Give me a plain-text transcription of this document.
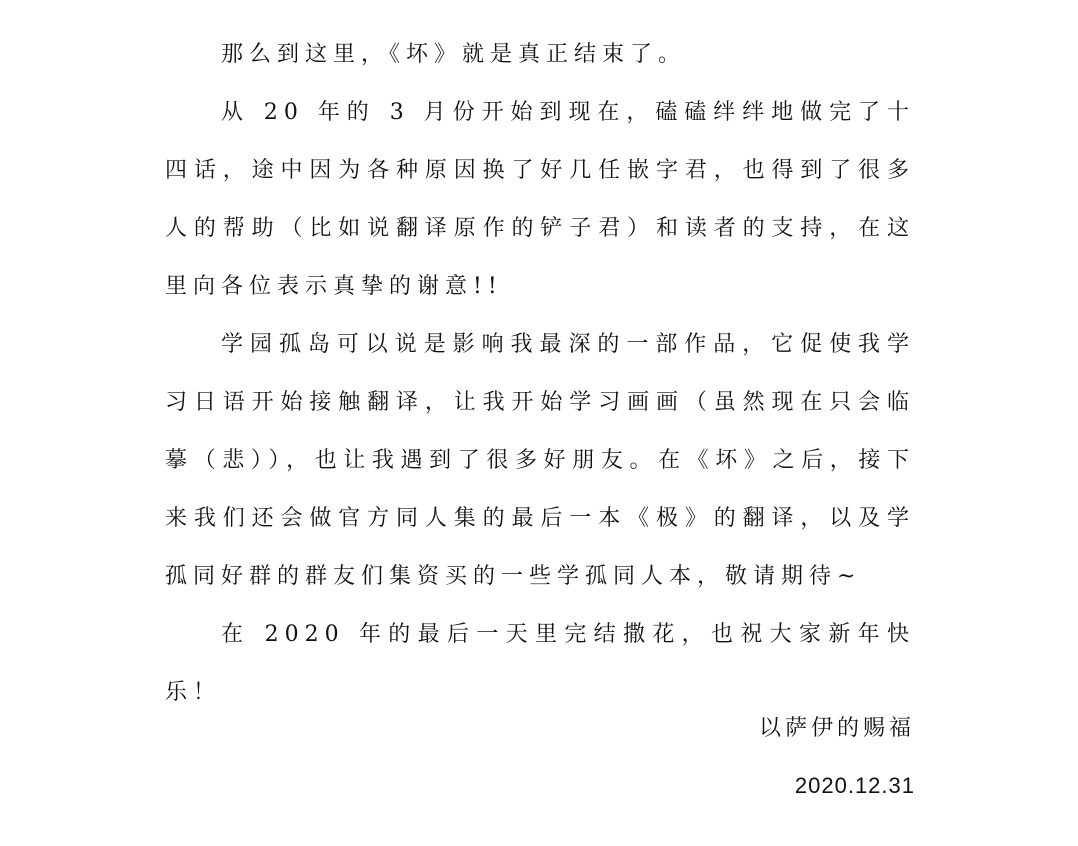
那么到这里，《坏》就是真正结束了。

从 20 年的 3 月份开始到现在，磕磕绊绊地做完了十四话，途中因为各种原因换了好几任嵌字君，也得到了很多人的帮助（比如说翻译原作的铲子君）和读者的支持，在这里向各位表示真挚的谢意!!

学园孤岛可以说是影响我最深的一部作品，它促使我学习日语开始接触翻译，让我开始学习画画（虽然现在只会临摹（悲）），也让我遇到了很多好朋友。在《坏》之后，接下来我们还会做官方同人集的最后一本《极》的翻译，以及学孤同好群的群友们集资买的一些学孤同人本，敬请期待~

在 2020 年的最后一天里完结撒花，也祝大家新年快乐！

以萨伊的赐福
2020.12.31
